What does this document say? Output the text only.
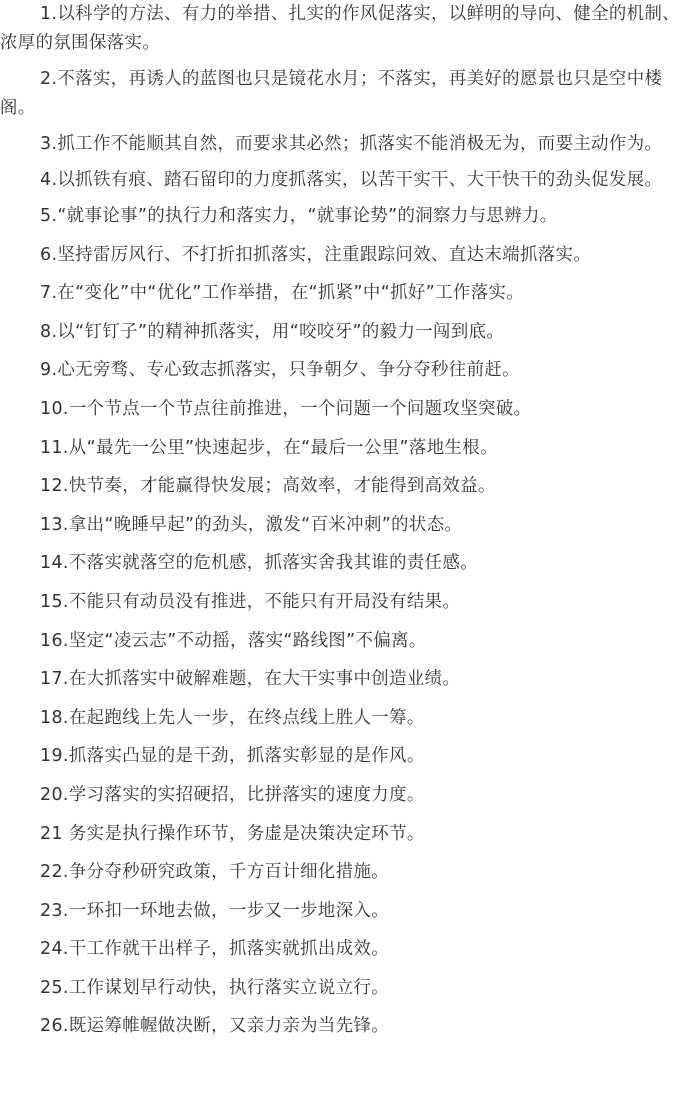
1.以科学的方法、有力的举措、扎实的作风促落实，以鲜明的导向、健全的机制、浓厚的氛围保落实。

2.不落实，再诱人的蓝图也只是镜花水月；不落实，再美好的愿景也只是空中楼阁。

3.抓工作不能顺其自然，而要求其必然；抓落实不能消极无为，而要主动作为。

4.以抓铁有痕、踏石留印的力度抓落实，以苦干实干、大干快干的劲头促发展。

5.“就事论事”的执行力和落实力，“就事论势”的洞察力与思辨力。

6.坚持雷厉风行、不打折扣抓落实，注重跟踪问效、直达末端抓落实。

7.在“变化”中“优化”工作举措，在“抓紧”中“抓好”工作落实。

8.以“钉钉子”的精神抓落实，用“咬咬牙”的毅力一闯到底。

9.心无旁骛、专心致志抓落实，只争朝夕、争分夺秒往前赶。

10.一个节点一个节点往前推进，一个问题一个问题攻坚突破。

11.从“最先一公里”快速起步，在“最后一公里”落地生根。

12.快节奏，才能赢得快发展；高效率，才能得到高效益。

13.拿出“晚睡早起”的劲头，激发“百米冲刺”的状态。

14.不落实就落空的危机感，抓落实舍我其谁的责任感。

15.不能只有动员没有推进，不能只有开局没有结果。

16.坚定“凌云志”不动摇，落实“路线图”不偏离。

17.在大抓落实中破解难题，在大干实事中创造业绩。

18.在起跑线上先人一步，在终点线上胜人一筹。

19.抓落实凸显的是干劲，抓落实彰显的是作风。

20.学习落实的实招硬招，比拼落实的速度力度。

21 务实是执行操作环节，务虚是决策决定环节。

22.争分夺秒研究政策，千方百计细化措施。

23.一环扣一环地去做，一步又一步地深入。

24.干工作就干出样子，抓落实就抓出成效。

25.工作谋划早行动快，执行落实立说立行。

26.既运筹帷幄做决断，又亲力亲为当先锋。
